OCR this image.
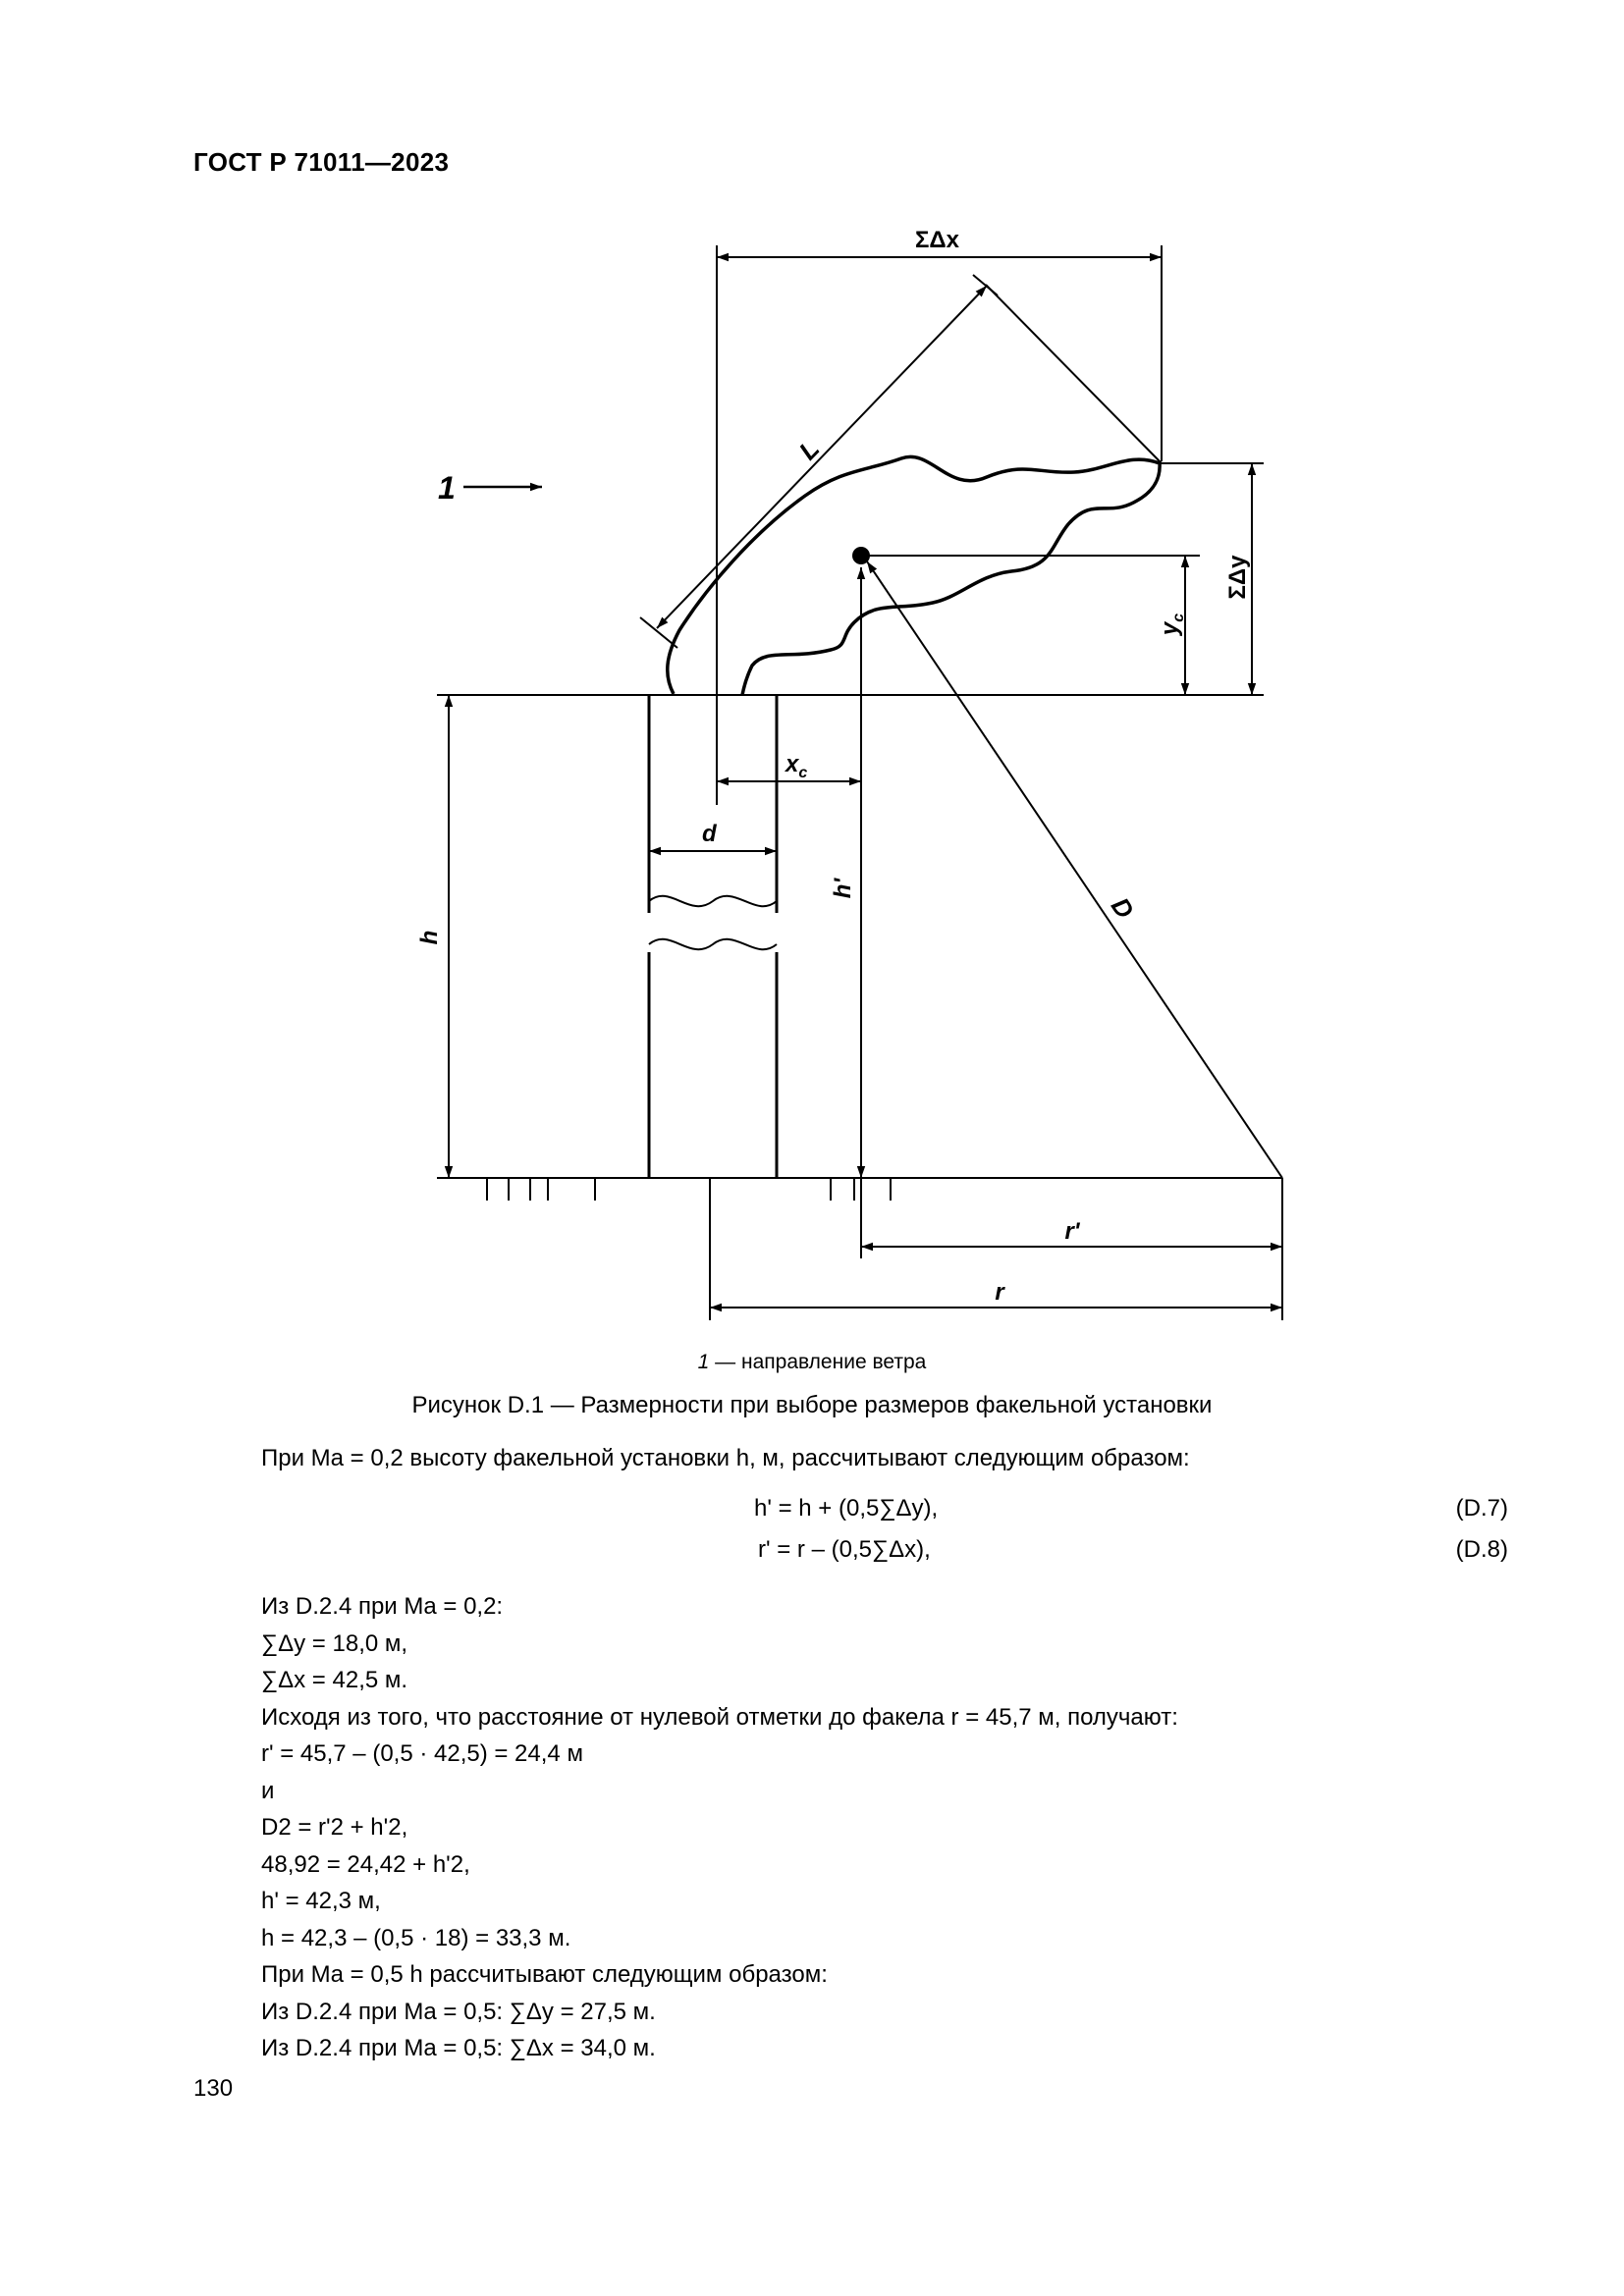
ГОСТ Р 71011—2023
1
ΣΔx
L
ΣΔy
$y_c$
$x_c$
d
h
h'
D
r'
r
1 — направление ветра
Рисунок D.1 — Размерности при выборе размеров факельной установки
При Ma = 0,2 высоту факельной установки h, м, рассчитывают следующим образом:
h' = h + (0,5∑Δy),	(D.7)
r' = r – (0,5∑Δx),	(D.8)
Из D.2.4 при Ma = 0,2:
∑Δy = 18,0 м,
∑Δx = 42,5 м.
Исходя из того, что расстояние от нулевой отметки до факела r = 45,7 м, получают:
r' = 45,7 – (0,5 · 42,5) = 24,4 м
и
D2 = r'2 + h'2,
48,92 = 24,42 + h'2,
h' = 42,3 м,
h = 42,3 – (0,5 · 18) = 33,3 м.
При Ma = 0,5 h рассчитывают следующим образом:
Из D.2.4 при Ma = 0,5: ∑Δy = 27,5 м.
Из D.2.4 при Ma = 0,5: ∑Δx = 34,0 м.
130
